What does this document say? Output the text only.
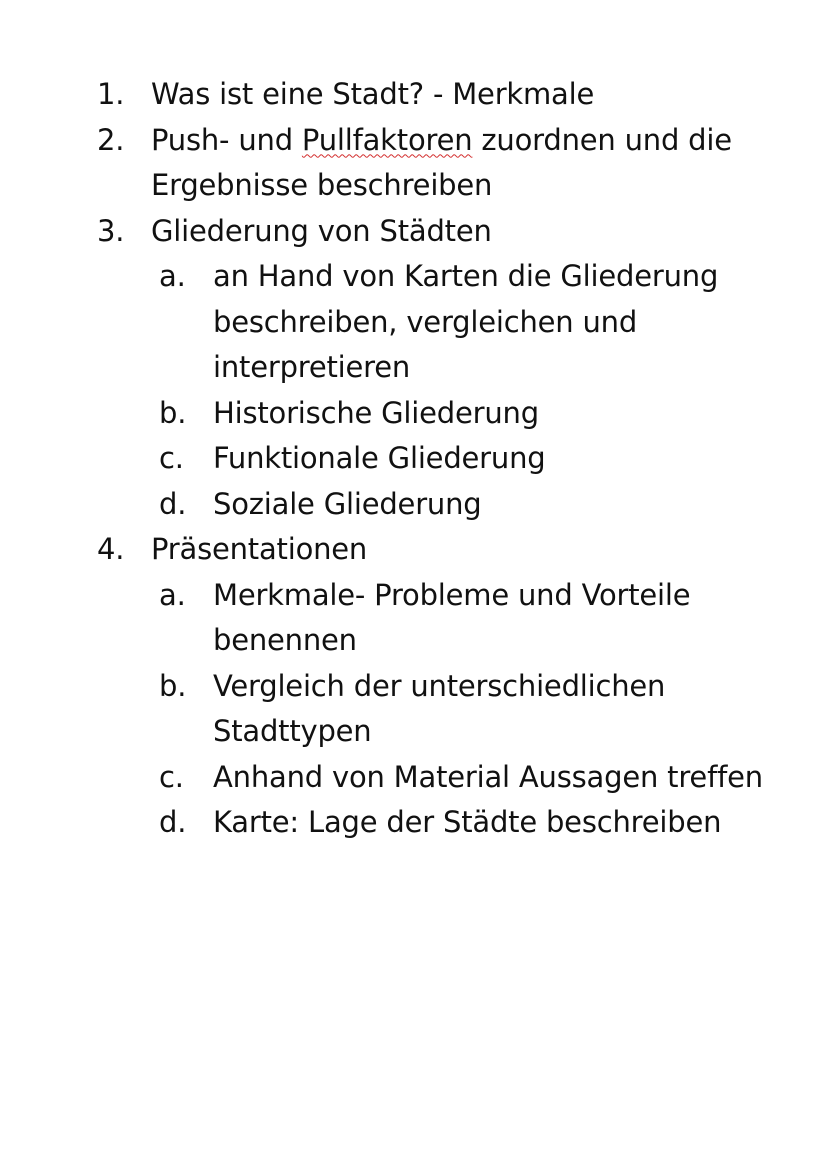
1. Was ist eine Stadt? - Merkmale
2. Push- und Pullfaktoren zuordnen und die
Ergebnisse beschreiben
3. Gliederung von Städten
a. an Hand von Karten die Gliederung
beschreiben, vergleichen und
interpretieren
b. Historische Gliederung
c. Funktionale Gliederung
d. Soziale Gliederung
4. Präsentationen
a. Merkmale- Probleme und Vorteile
benennen
b. Vergleich der unterschiedlichen
Stadttypen
c. Anhand von Material Aussagen treffen
d. Karte: Lage der Städte beschreiben
